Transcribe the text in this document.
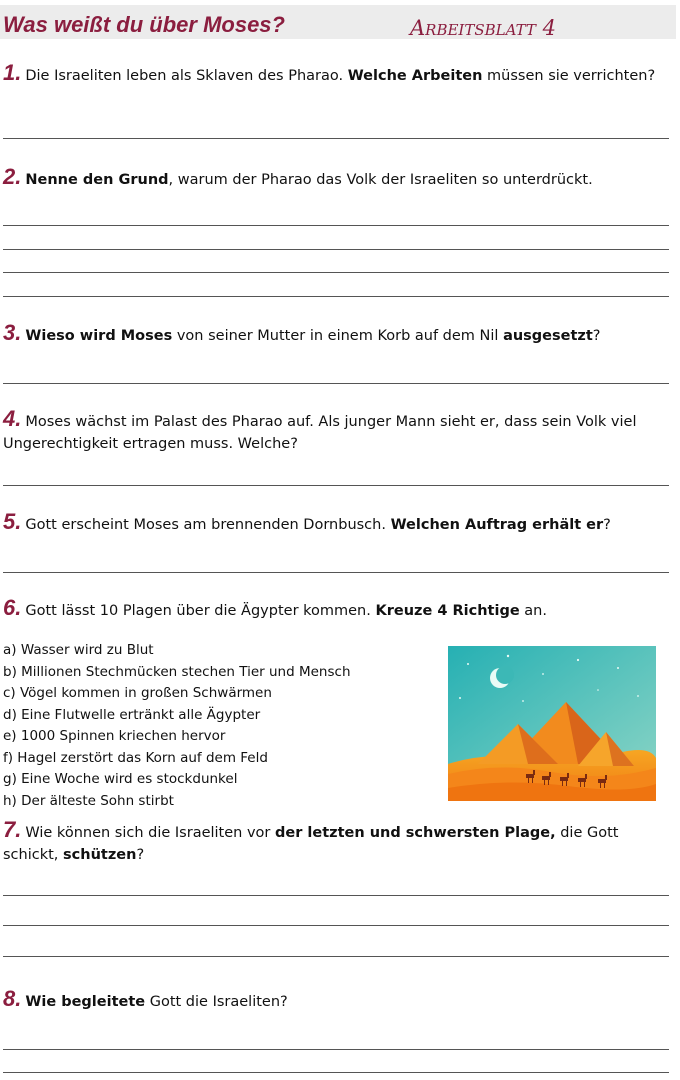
Was weißt du über Moses?	Arbeitsblatt 4
1. Die Israeliten leben als Sklaven des Pharao. Welche Arbeiten müssen sie verrichten?
2. Nenne den Grund, warum der Pharao das Volk der Israeliten so unterdrückt.
3. Wieso wird Moses von seiner Mutter in einem Korb auf dem Nil ausgesetzt?
4. Moses wächst im Palast des Pharao auf. Als junger Mann sieht er, dass sein Volk viel Ungerechtigkeit ertragen muss. Welche?
5. Gott erscheint Moses am brennenden Dornbusch. Welchen Auftrag erhält er?
6. Gott lässt 10 Plagen über die Ägypter kommen. Kreuze 4 Richtige an.
a) Wasser wird zu Blut
b) Millionen Stechmücken stechen Tier und Mensch
c) Vögel kommen in großen Schwärmen
d) Eine Flutwelle ertränkt alle Ägypter
e) 1000 Spinnen kriechen hervor
f) Hagel zerstört das Korn auf dem Feld
g) Eine Woche wird es stockdunkel
h) Der älteste Sohn stirbt
7. Wie können sich die Israeliten vor der letzten und schwersten Plage, die Gott schickt, schützen?
8. Wie begleitete Gott die Israeliten?
